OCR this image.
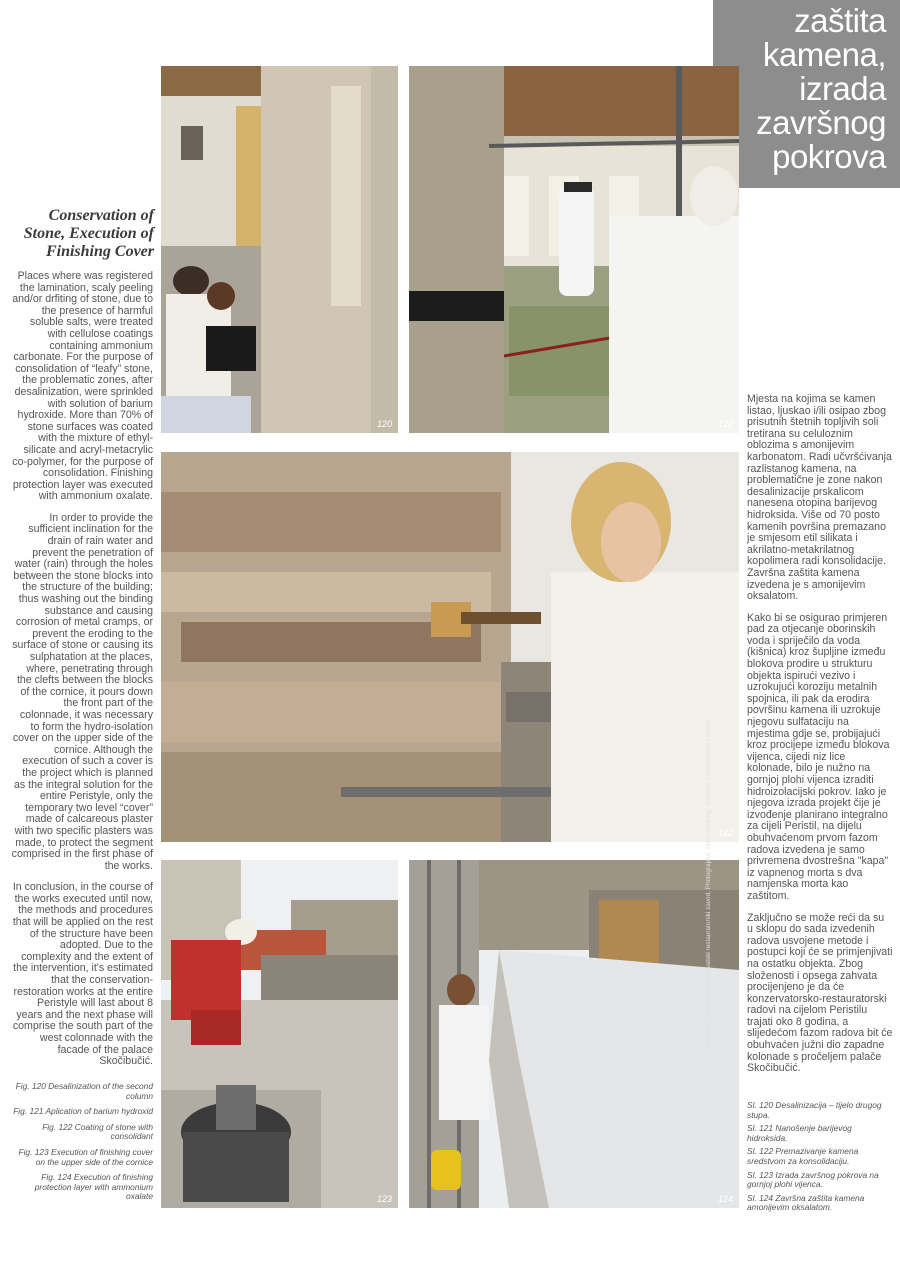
zaštita
kamena,
izrada
završnog
pokrova
Conservation of
Stone, Execution of
Finishing Cover

Places where was registered the lamination, scaly peeling and/or drfiting of stone, due to the presence of harmful soluble salts, were treated with cellulose coatings containing ammonium carbonate. For the purpose of consolidation of “leafy” stone, the problematic zones, after desalinization, were sprinkled with solution of barium hydroxide. More than 70% of stone surfaces was coated with the mixture of ethyl-silicate and acryl-metacrylic co-polymer, for the purpose of consolidation. Finishing protection layer was executed with ammonium oxalate.

In order to provide the sufficient inclination for the drain of rain water and prevent the penetration of water (rain) through the holes between the stone blocks into the structure of the building; thus washing out the binding substance and causing corrosion of metal cramps, or prevent the eroding to the surface of stone or causing its sulphatation at the places, where, penetrating through the clefts between the blocks of the cornice, it pours down the front part of the colonnade, it was necessary to form the hydro-isolation cover on the upper side of the cornice. Although the execution of such a cover is the project which is planned as the integral solution for the entire Peristyle, only the temporary two level “cover” made of calcareous plaster with two specific plasters was made, to protect the segment comprised in the first phase of the works.

In conclusion, in the course of the works executed until now, the methods and procedures that will be applied on the rest of the structure have been adopted. Due to the complexity and the extent of the intervention, it's estimated that the conservation-restoration works at the entire Peristyle will last about 8 years and the next phase will comprise the south part of the west colonnade with the facade of the palace Skočibučić.

Fig. 120 Desalinization of the second column
Fig. 121 Aplication of barium hydroxid
Fig. 122 Coating of stone with consolidant
Fig. 123 Execution of finishing cover on the upper side of the cornice
Fig. 124 Execution of finishing protection layer with ammonium oxalate

Mjesta na kojima se kamen listao, ljuskao i/ili osipao zbog prisutnih štetnih topljivih soli tretirana su celuloznim oblozima s amonijevim karbonatom. Radi učvršćivanja razlistanog kamena, na problematične je zone nakon desalinizacije prskalicom nanesena otopina barijevog hidroksida. Više od 70 posto kamenih površina premazano je smjesom etil silikata i akrilatno-metakrilatnog kopolimera radi konsolidacije. Završna zaštita kamena izvedena je s amonijevim oksalatom.

Kako bi se osigurao primjeren pad za otjecanje oborinskih voda i spriječilo da voda (kišnica) kroz šupljine između blokova prodire u strukturu objekta ispirući vezivo i uzrokujući koroziju metalnih spojnica, ili pak da erodira površinu kamena ili uzrokuje njegovu sulfataciju na mjestima gdje se, probijajući kroz procijepe između blokova vijenca, cijedi niz lice kolonade, bilo je nužno na gornjoj plohi vijenca izraditi hidroizolacijski pokrov. Iako je njegova izrada projekt čije je izvođenje planirano integralno za cijeli Peristil, na dijelu obuhvaćenom prvom fazom radova izvedena je samo privremena dvostrešna "kapa" iz vapnenog morta s dva namjenska morta kao zaštitom.

Zaključno se može reći da su u sklopu do sada izvedenih radova usvojene metode i postupci koji će se primjenjivati na ostatku objekta. Zbog složenosti i opsega zahvata procijenjeno je da će konzervatorsko-restauratorski radovi na cijelom Peristilu trajati oko 8 godina, a slijedećom fazom radova bit će obuhvaćen južni dio zapadne kolonade s pročeljem palače Skočibučić.

Sl. 120 Desalinizacija – tijelo drugog stupa.
Sl. 121 Nanošenje barijevog hidroksida.
Sl. 122 Premazivanje kamena sredstvom za konsolidaciju.
Sl. 123 Izrada završnog pokrova na gornjoj plohi vijenca.
Sl. 124 Završna zaštita kamena amonijevim oksalatom.
120	121
122
123	124
Fotografije: Zoran Alajbeg, Hrvatski restauratorski zavod, Photographs: Zoran Alajbeg, Croatian Conservation Institute
